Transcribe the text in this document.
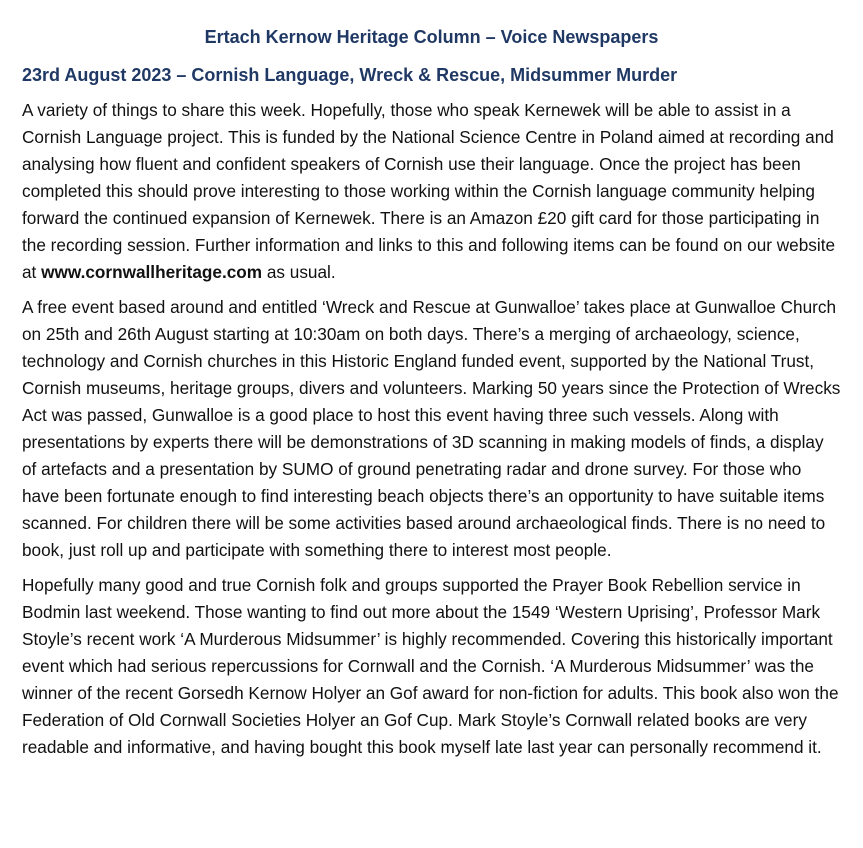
Ertach Kernow Heritage Column – Voice Newspapers
23rd August 2023 – Cornish Language, Wreck & Rescue, Midsummer Murder

A variety of things to share this week. Hopefully, those who speak Kernewek will be able to assist in a Cornish Language project. This is funded by the National Science Centre in Poland aimed at recording and analysing how fluent and confident speakers of Cornish use their language. Once the project has been completed this should prove interesting to those working within the Cornish language community helping forward the continued expansion of Kernewek. There is an Amazon £20 gift card for those participating in the recording session. Further information and links to this and following items can be found on our website at www.cornwallheritage.com as usual.

A free event based around and entitled ‘Wreck and Rescue at Gunwalloe’ takes place at Gunwalloe Church on 25th and 26th August starting at 10:30am on both days. There’s a merging of archaeology, science, technology and Cornish churches in this Historic England funded event, supported by the National Trust, Cornish museums, heritage groups, divers and volunteers. Marking 50 years since the Protection of Wrecks Act was passed, Gunwalloe is a good place to host this event having three such vessels. Along with presentations by experts there will be demonstrations of 3D scanning in making models of finds, a display of artefacts and a presentation by SUMO of ground penetrating radar and drone survey. For those who have been fortunate enough to find interesting beach objects there’s an opportunity to have suitable items scanned. For children there will be some activities based around archaeological finds. There is no need to book, just roll up and participate with something there to interest most people.

Hopefully many good and true Cornish folk and groups supported the Prayer Book Rebellion service in Bodmin last weekend. Those wanting to find out more about the 1549 ‘Western Uprising’, Professor Mark Stoyle’s recent work ‘A Murderous Midsummer’ is highly recommended. Covering this historically important event which had serious repercussions for Cornwall and the Cornish. ‘A Murderous Midsummer’ was the winner of the recent Gorsedh Kernow Holyer an Gof award for non-fiction for adults. This book also won the Federation of Old Cornwall Societies Holyer an Gof Cup. Mark Stoyle’s Cornwall related books are very readable and informative, and having bought this book myself late last year can personally recommend it.
